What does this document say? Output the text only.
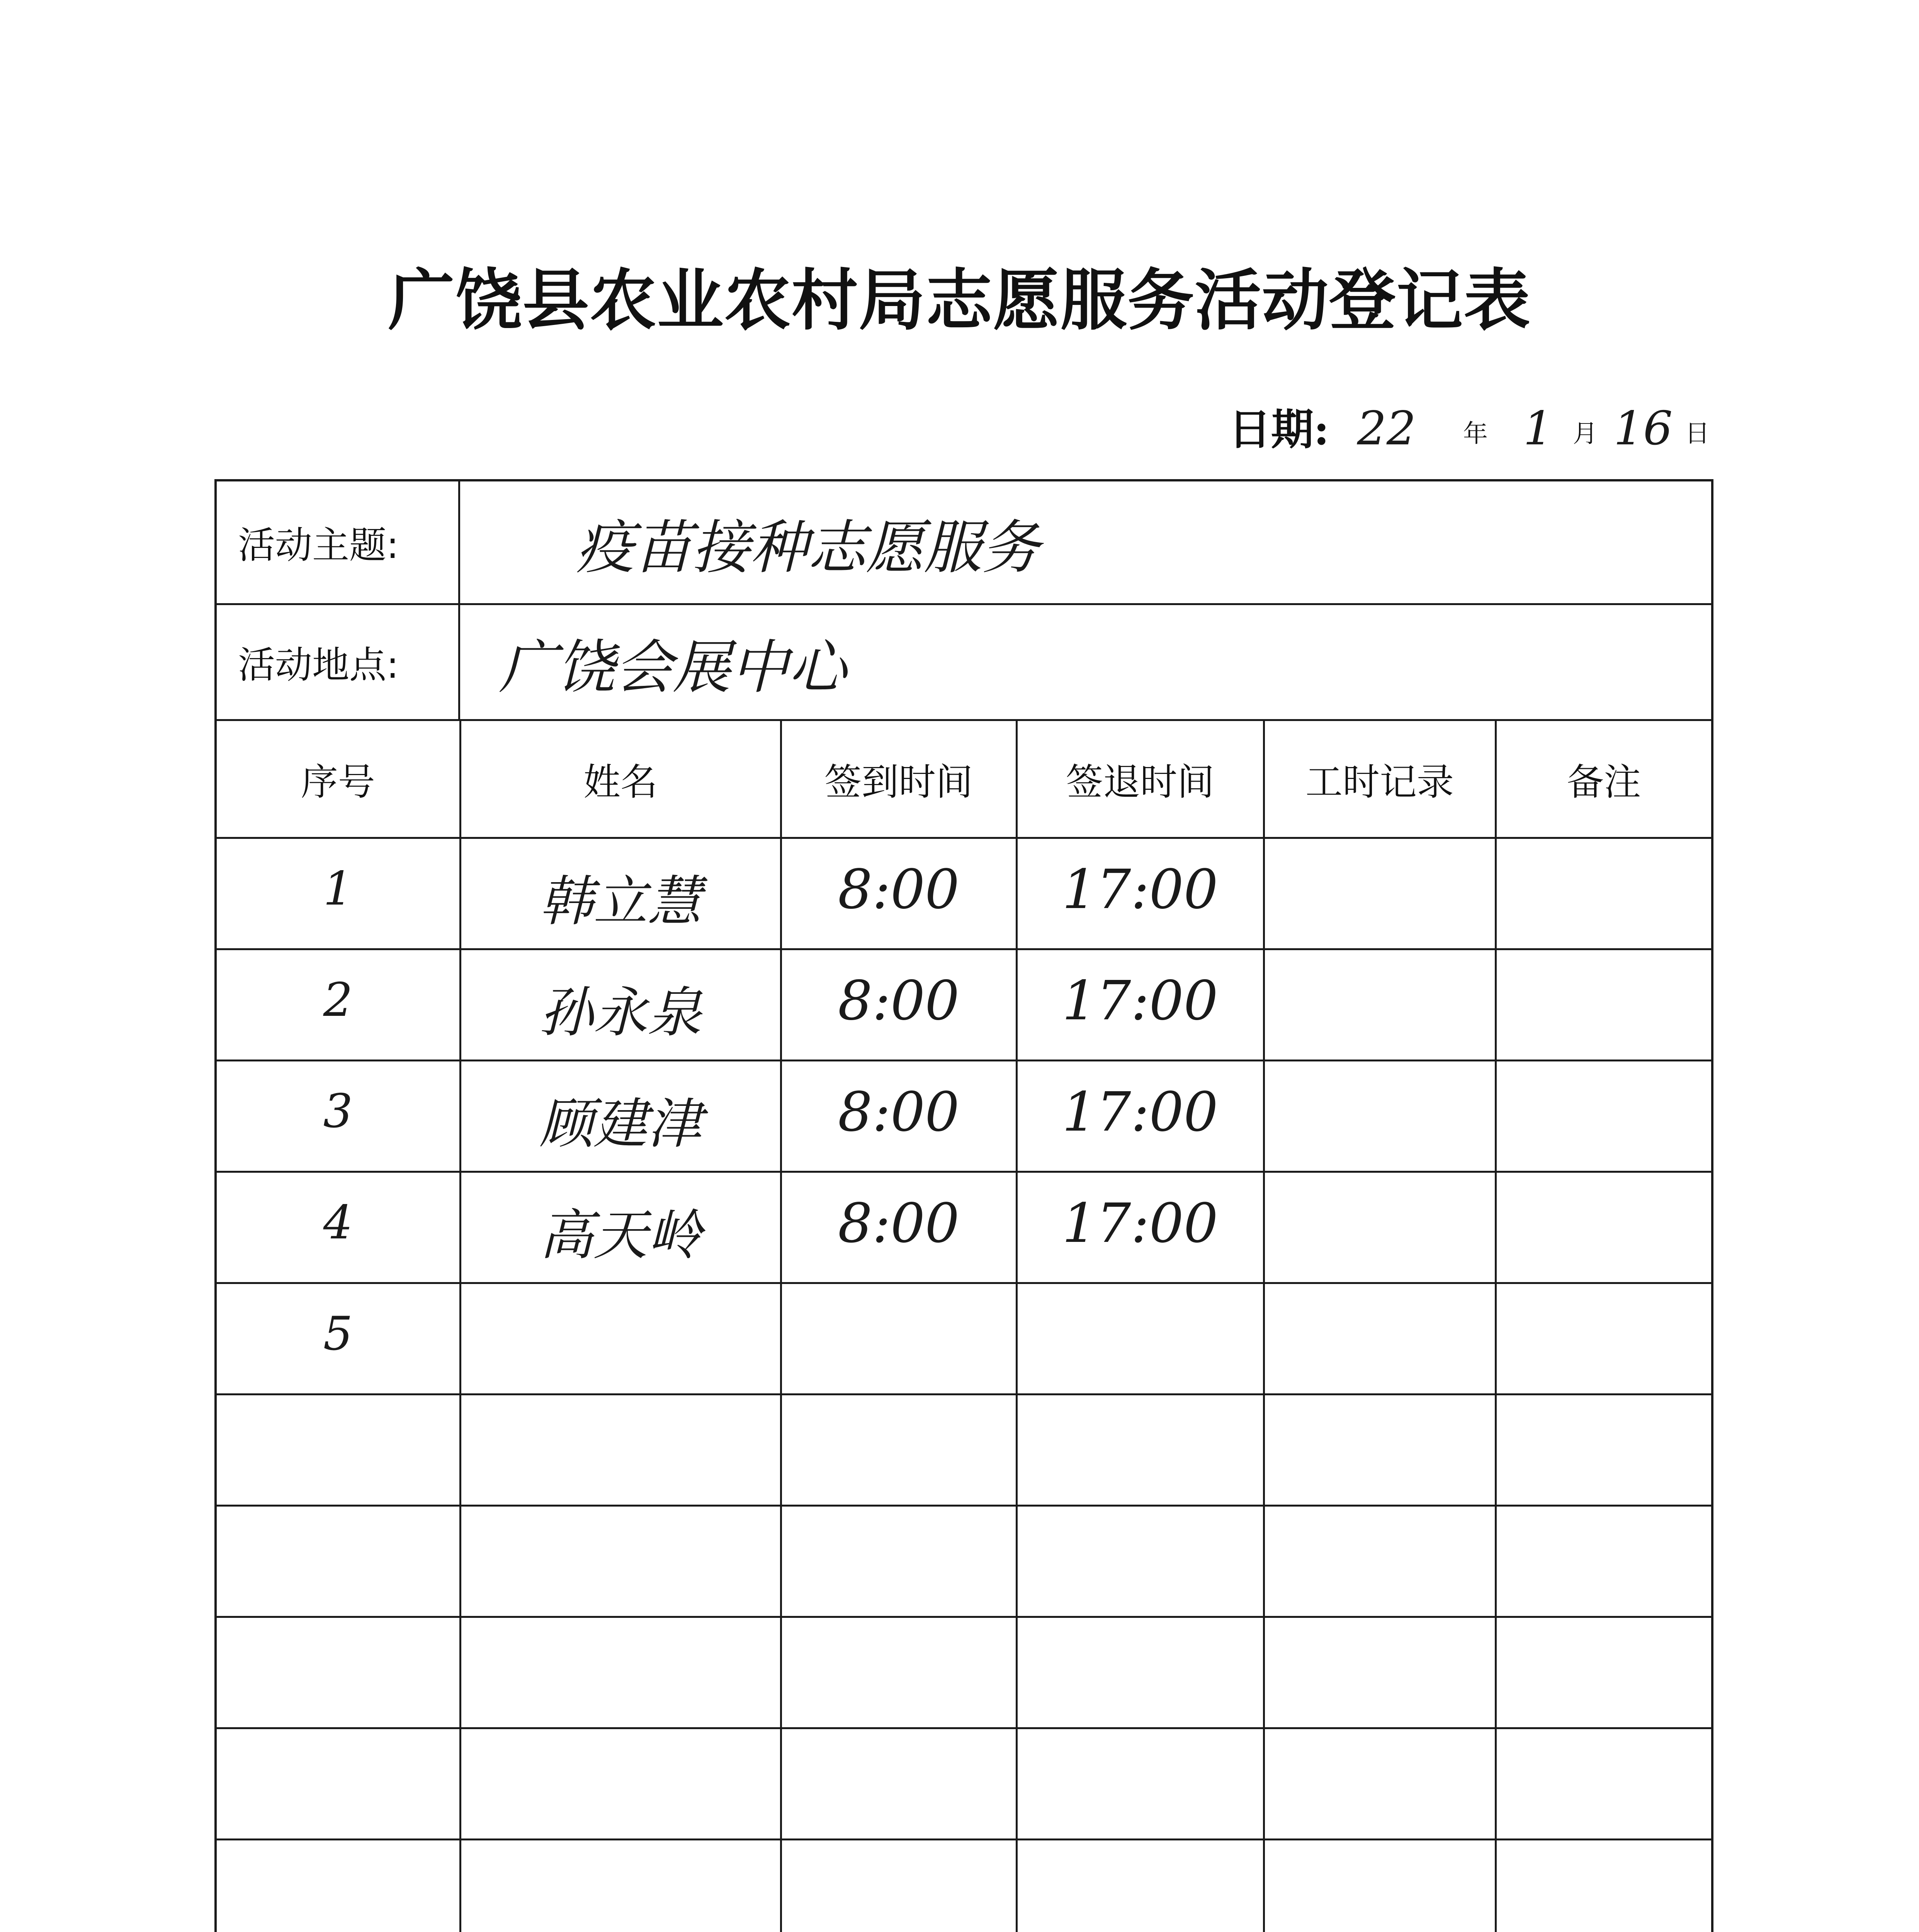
广饶县农业农村局志愿服务活动登记表
日期: 22 年 1 月 16 日
活动主题:	疫苗接种志愿服务
活动地点:	广饶会展中心
序号	姓名	签到时间	签退时间	工时记录	备注

1	韩立慧	8:00	17:00		

2	孙永泉	8:00	17:00		

3	顾建津	8:00	17:00		

4	高天岭	8:00	17:00		

5					
